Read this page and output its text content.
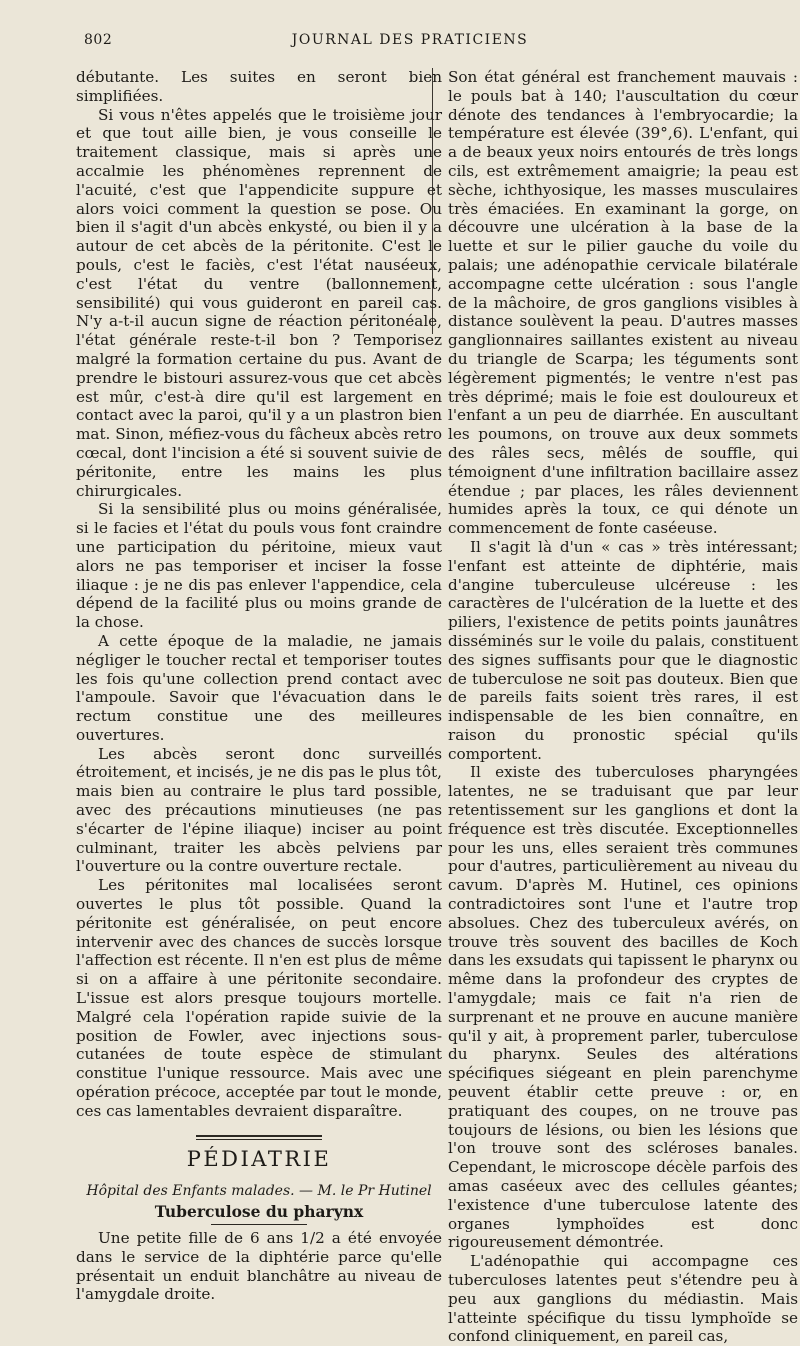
802	JOURNAL DES PRATICIENS

débutante. Les suites en seront bien simplifiées.

Si vous n'êtes appelés que le troisième jour et que tout aille bien, je vous conseille le traitement classique, mais si après une accalmie les phénomènes reprennent de l'acuité, c'est que l'appendicite suppure et alors voici comment la question se pose. Ou bien il s'agit d'un abcès enkysté, ou bien il y a autour de cet abcès de la péritonite. C'est le pouls, c'est le faciès, c'est l'état nauséeux, c'est l'état du ventre (ballonnement, sensibilité) qui vous guideront en pareil cas. N'y a-t-il aucun signe de réaction péritonéale, l'état générale reste-t-il bon ? Temporisez malgré la formation certaine du pus. Avant de prendre le bistouri assurez-vous que cet abcès est mûr, c'est-à dire qu'il est largement en contact avec la paroi, qu'il y a un plastron bien mat. Sinon, méfiez-vous du fâcheux abcès retro cœcal, dont l'incision a été si souvent suivie de péritonite, entre les mains les plus chirurgicales.

Si la sensibilité plus ou moins généralisée, si le facies et l'état du pouls vous font craindre une participation du péritoine, mieux vaut alors ne pas temporiser et inciser la fosse iliaque : je ne dis pas enlever l'appendice, cela dépend de la facilité plus ou moins grande de la chose.

A cette époque de la maladie, ne jamais négliger le toucher rectal et temporiser toutes les fois qu'une collection prend contact avec l'ampoule. Savoir que l'évacuation dans le rectum constitue une des meilleures ouvertures.

Les abcès seront donc surveillés étroitement, et incisés, je ne dis pas le plus tôt, mais bien au contraire le plus tard possible, avec des précautions minutieuses (ne pas s'écarter de l'épine iliaque) inciser au point culminant, traiter les abcès pelviens par l'ouverture ou la contre ouverture rectale.

Les péritonites mal localisées seront ouvertes le plus tôt possible. Quand la péritonite est généralisée, on peut encore intervenir avec des chances de succès lorsque l'affection est récente. Il n'en est plus de même si on a affaire à une péritonite secondaire. L'issue est alors presque toujours mortelle. Malgré cela l'opération rapide suivie de la position de Fowler, avec injections sous-cutanées de toute espèce de stimulant constitue l'unique ressource. Mais avec une opération précoce, acceptée par tout le monde, ces cas lamentables devraient disparaître.

PÉDIATRIE
Hôpital des Enfants malades. — M. le Pr Hutinel
Tuberculose du pharynx

Une petite fille de 6 ans 1/2 a été envoyée dans le service de la diphtérie parce qu'elle présentait un enduit blanchâtre au niveau de l'amygdale droite.

Son état général est franchement mauvais : le pouls bat à 140; l'auscultation du cœur dénote des tendances à l'embryocardie; la température est élevée (39°,6). L'enfant, qui a de beaux yeux noirs entourés de très longs cils, est extrêmement amaigrie; la peau est sèche, ichthyosique, les masses musculaires très émaciées. En examinant la gorge, on découvre une ulcération à la base de la luette et sur le pilier gauche du voile du palais; une adénopathie cervicale bilatérale accompagne cette ulcération : sous l'angle de la mâchoire, de gros ganglions visibles à distance soulèvent la peau. D'autres masses ganglionnaires saillantes existent au niveau du triangle de Scarpa; les téguments sont légèrement pigmentés; le ventre n'est pas très déprimé; mais le foie est douloureux et l'enfant a un peu de diarrhée. En auscultant les poumons, on trouve aux deux sommets des râles secs, mêlés de souffle, qui témoignent d'une infiltration bacillaire assez étendue ; par places, les râles deviennent humides après la toux, ce qui dénote un commencement de fonte caséeuse.

Il s'agit là d'un « cas » très intéressant; l'enfant est atteinte de diphtérie, mais d'angine tuberculeuse ulcéreuse : les caractères de l'ulcération de la luette et des piliers, l'existence de petits points jaunâtres disséminés sur le voile du palais, constituent des signes suffisants pour que le diagnostic de tuberculose ne soit pas douteux. Bien que de pareils faits soient très rares, il est indispensable de les bien connaître, en raison du pronostic spécial qu'ils comportent.

Il existe des tuberculoses pharyngées latentes, ne se traduisant que par leur retentissement sur les ganglions et dont la fréquence est très discutée. Exceptionnelles pour les uns, elles seraient très communes pour d'autres, particulièrement au niveau du cavum. D'après M. Hutinel, ces opinions contradictoires sont l'une et l'autre trop absolues. Chez des tuberculeux avérés, on trouve très souvent des bacilles de Koch dans les exsudats qui tapissent le pharynx ou même dans la profondeur des cryptes de l'amygdale; mais ce fait n'a rien de surprenant et ne prouve en aucune manière qu'il y ait, à proprement parler, tuberculose du pharynx. Seules des altérations spécifiques siégeant en plein parenchyme peuvent établir cette preuve : or, en pratiquant des coupes, on ne trouve pas toujours de lésions, ou bien les lésions que l'on trouve sont des scléroses banales. Cependant, le microscope décèle parfois des amas caséeux avec des cellules géantes; l'existence d'une tuberculose latente des organes lymphoïdes est donc rigoureusement démontrée.

L'adénopathie qui accompagne ces tuberculoses latentes peut s'étendre peu à peu aux ganglions du médiastin. Mais l'atteinte spécifique du tissu lymphoïde se confond cliniquement, en pareil cas,
